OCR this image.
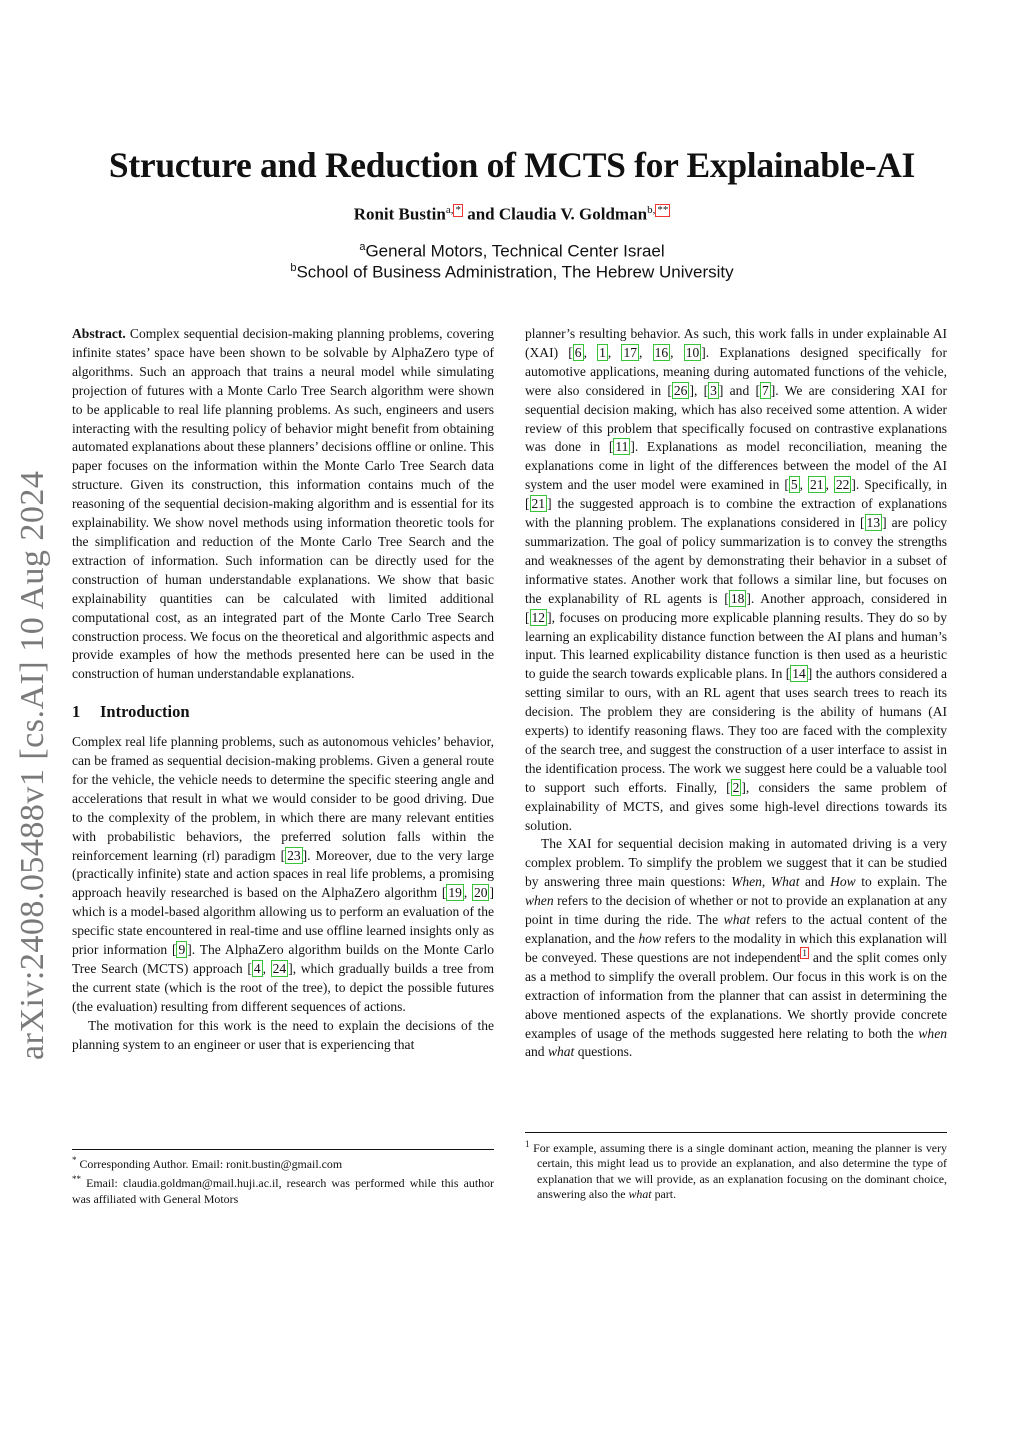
arXiv:2408.05488v1 [cs.AI] 10 Aug 2024
Structure and Reduction of MCTS for Explainable-AI
Ronit Bustin$^{a,}$ * and Claudia V. Goldman$^{b,}$ **
$^a$General Motors, Technical Center Israel
$^b$School of Business Administration, The Hebrew University

Abstract. Complex sequential decision-making planning problems, covering infinite states’ space have been shown to be solvable by AlphaZero type of algorithms. Such an approach that trains a neural model while simulating projection of futures with a Monte Carlo Tree Search algorithm were shown to be applicable to real life planning problems. As such, engineers and users interacting with the resulting policy of behavior might benefit from obtaining automated explanations about these planners’ decisions offline or online. This paper focuses on the information within the Monte Carlo Tree Search data structure. Given its construction, this information contains much of the reasoning of the sequential decision-making algorithm and is essential for its explainability. We show novel methods using information theoretic tools for the simplification and reduction of the Monte Carlo Tree Search and the extraction of information. Such information can be directly used for the construction of human understandable explanations. We show that basic explainability quantities can be calculated with limited additional computational cost, as an integrated part of the Monte Carlo Tree Search construction process. We focus on the theoretical and algorithmic aspects and provide examples of how the methods presented here can be used in the construction of human understandable explanations.

1 Introduction

Complex real life planning problems, such as autonomous vehicles’ behavior, can be framed as sequential decision-making problems. Given a general route for the vehicle, the vehicle needs to determine the specific steering angle and accelerations that result in what we would consider to be good driving. Due to the complexity of the problem, in which there are many relevant entities with probabilistic behaviors, the preferred solution falls within the reinforcement learning (rl) paradigm [ 23 ]. Moreover, due to the very large (practically infinite) state and action spaces in real life problems, a promising approach heavily researched is based on the AlphaZero algorithm [ 19 , 20 ] which is a model-based algorithm allowing us to perform an evaluation of the specific state encountered in real-time and use offline learned insights only as prior information [ 9 ]. The AlphaZero algorithm builds on the Monte Carlo Tree Search (MCTS) approach [ 4 , 24 ], which gradually builds a tree from the current state (which is the root of the tree), to depict the possible futures (the evaluation) resulting from different sequences of actions.

The motivation for this work is the need to explain the decisions of the planning system to an engineer or user that is experiencing that

* Corresponding Author. Email: ronit.bustin@gmail.com

** Email: claudia.goldman@mail.huji.ac.il, research was performed while this author was affiliated with General Motors

planner’s resulting behavior. As such, this work falls in under explainable AI (XAI) [ 6 , 1 , 17 , 16 , 10 ]. Explanations designed specifically for automotive applications, meaning during automated functions of the vehicle, were also considered in [ 26 ], [ 3 ] and [ 7 ]. We are considering XAI for sequential decision making, which has also received some attention. A wider review of this problem that specifically focused on contrastive explanations was done in [ 11 ]. Explanations as model reconciliation, meaning the explanations come in light of the differences between the model of the AI system and the user model were examined in [ 5 , 21 , 22 ]. Specifically, in [ 21 ] the suggested approach is to combine the extraction of explanations with the planning problem. The explanations considered in [ 13 ] are policy summarization. The goal of policy summarization is to convey the strengths and weaknesses of the agent by demonstrating their behavior in a subset of informative states. Another work that follows a similar line, but focuses on the explanability of RL agents is [ 18 ]. Another approach, considered in [ 12 ], focuses on producing more explicable planning results. They do so by learning an explicability distance function between the AI plans and human’s input. This learned explicability distance function is then used as a heuristic to guide the search towards explicable plans. In [ 14 ] the authors considered a setting similar to ours, with an RL agent that uses search trees to reach its decision. The problem they are considering is the ability of humans (AI experts) to identify reasoning flaws. They too are faced with the complexity of the search tree, and suggest the construction of a user interface to assist in the identification process. The work we suggest here could be a valuable tool to support such efforts. Finally, [ 2 ], considers the same problem of explainability of MCTS, and gives some high-level directions towards its solution.

The XAI for sequential decision making in automated driving is a very complex problem. To simplify the problem we suggest that it can be studied by answering three main questions: When, What and How to explain. The when refers to the decision of whether or not to provide an explanation at any point in time during the ride. The what refers to the actual content of the explanation, and the how refers to the modality in which this explanation will be conveyed. These questions are not independent $^1$ and the split comes only as a method to simplify the overall problem. Our focus in this work is on the extraction of information from the planner that can assist in determining the above mentioned aspects of the explanations. We shortly provide concrete examples of usage of the methods suggested here relating to both the when and what questions.

$^1$ For example, assuming there is a single dominant action, meaning the planner is very certain, this might lead us to provide an explanation, and also determine the type of explanation that we will provide, as an explanation focusing on the dominant choice, answering also the what part.
